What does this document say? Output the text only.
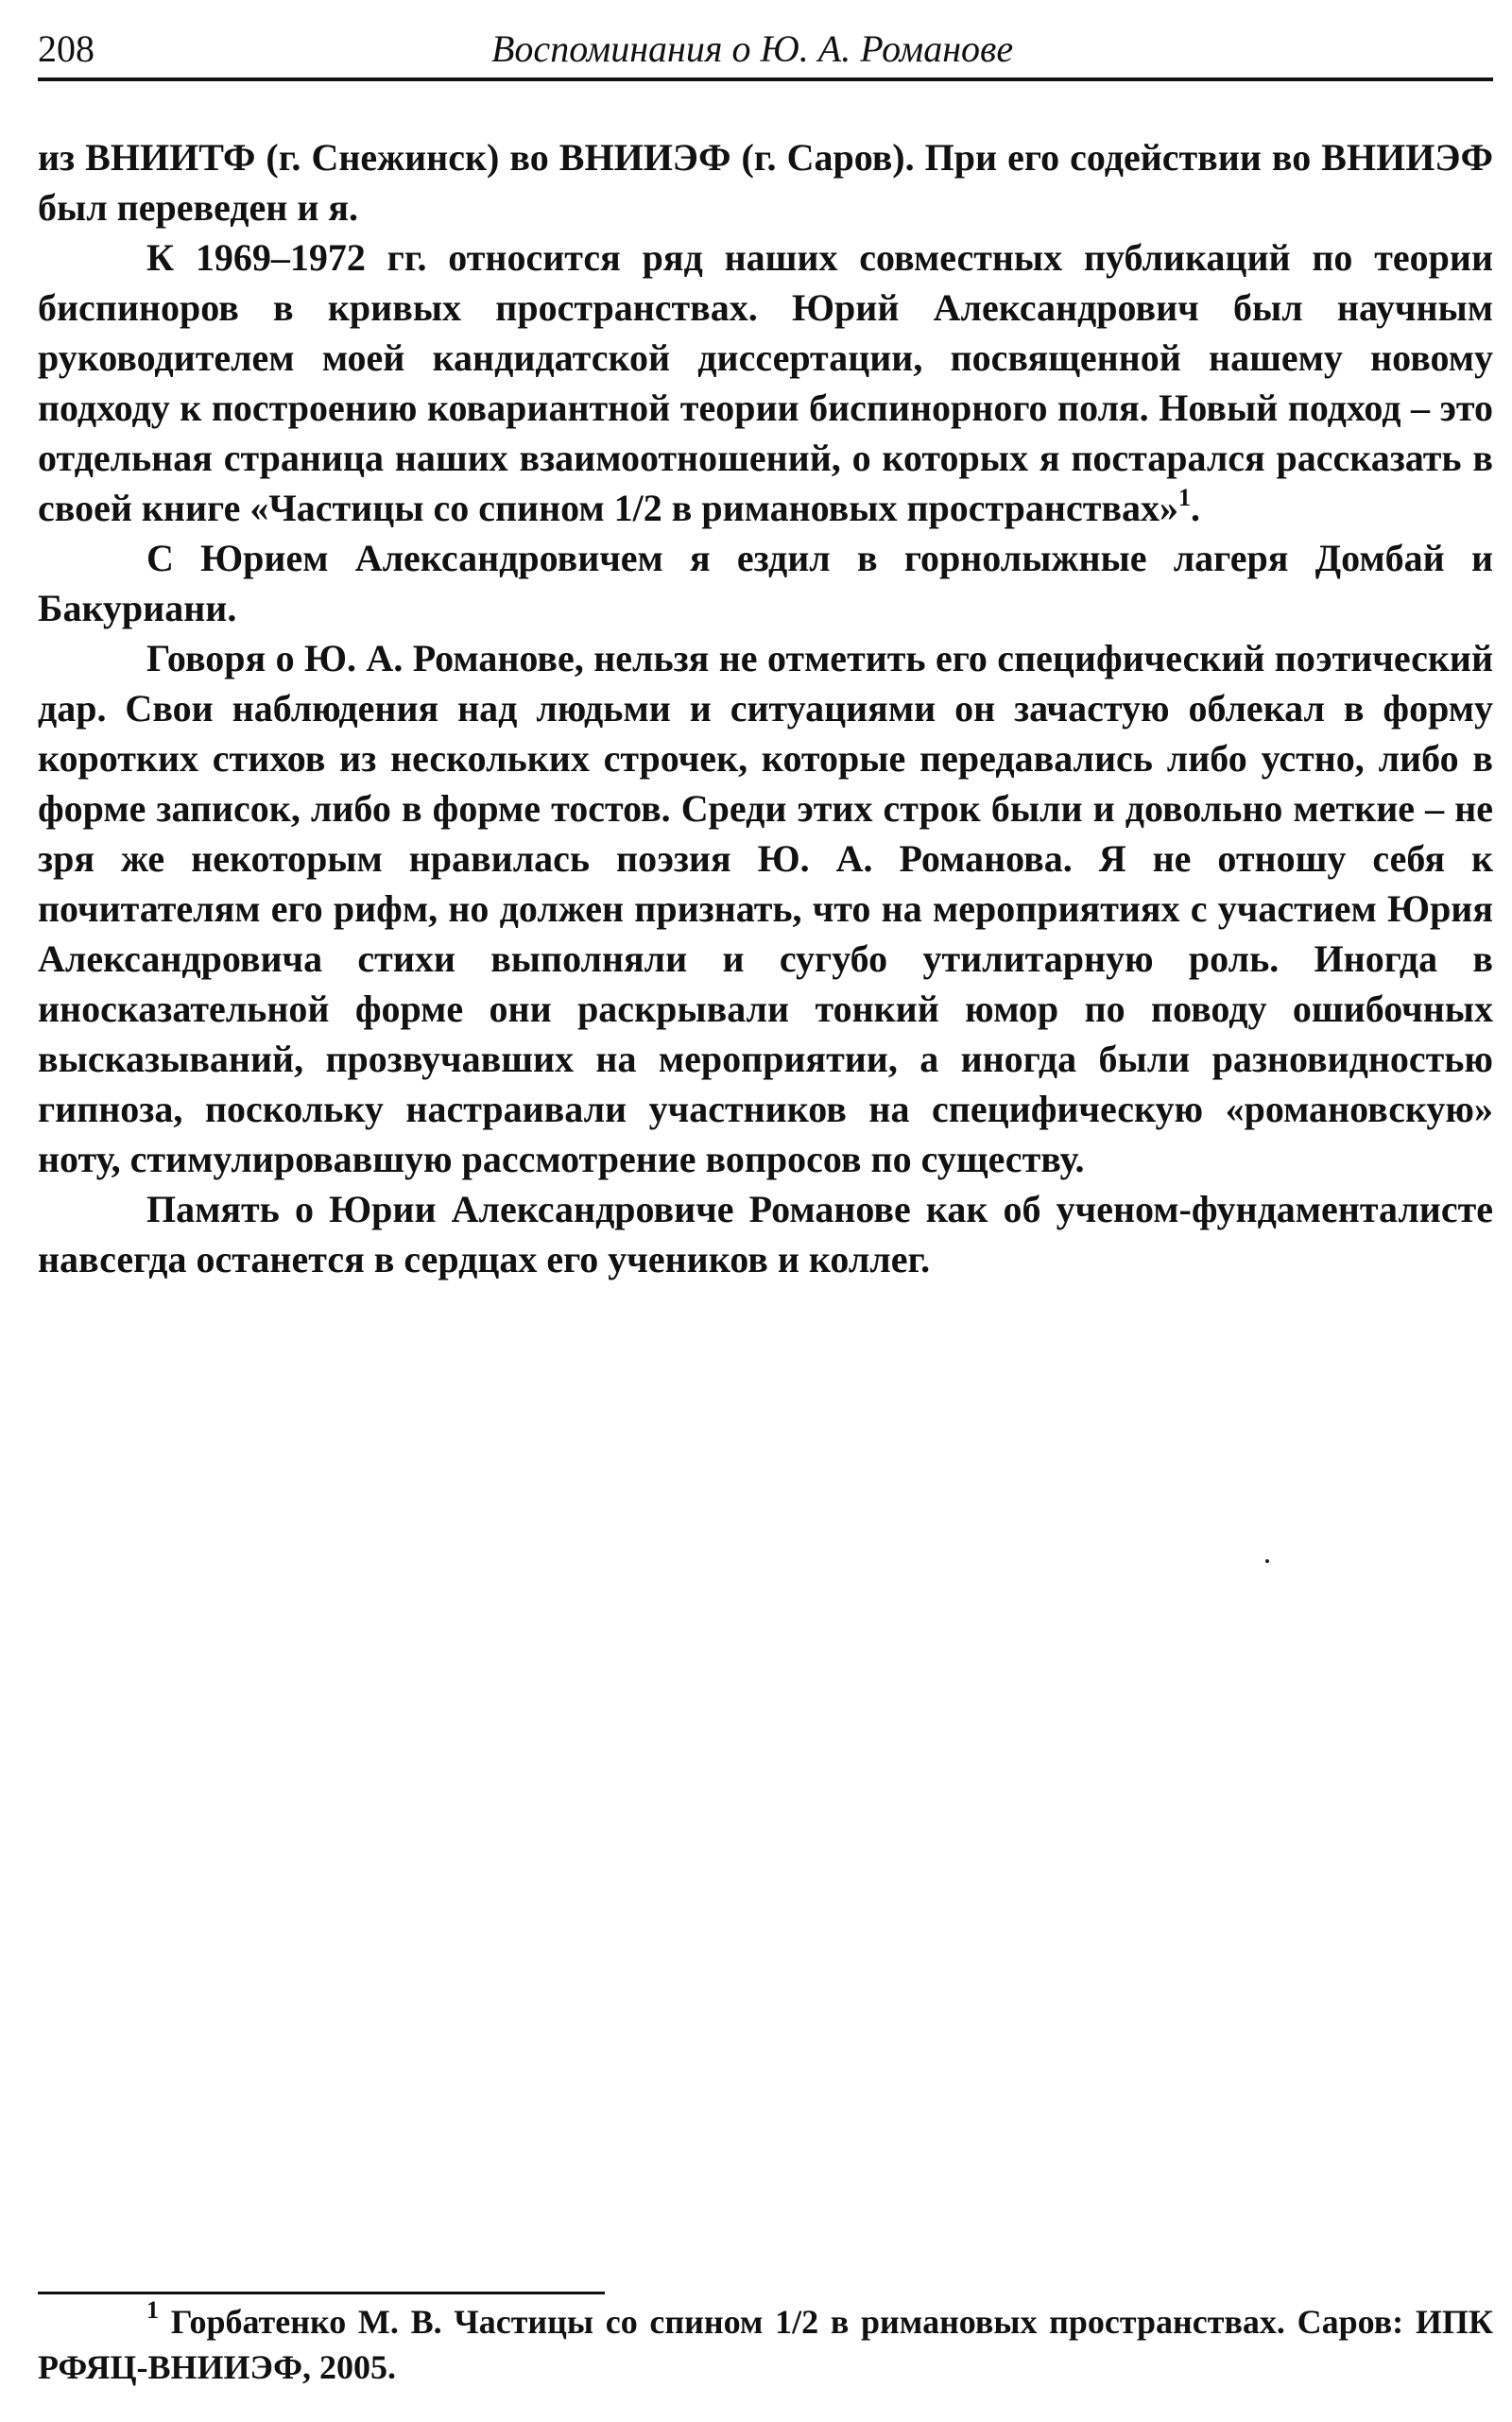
208	Воспоминания о Ю. А. Романове

из ВНИИТФ (г. Снежинск) во ВНИИЭФ (г. Саров). При его содействии во ВНИИЭФ был переведен и я.

К 1969–1972 гг. относится ряд наших совместных публикаций по теории биспиноров в кривых пространствах. Юрий Александрович был научным руководителем моей кандидатской диссертации, посвященной нашему новому подходу к построению ковариантной теории биспинорного поля. Новый подход – это отдельная страница наших взаимоотношений, о которых я постарался рассказать в своей книге «Частицы со спином 1/2 в римановых пространствах»$^1$.

С Юрием Александровичем я ездил в горнолыжные лагеря Домбай и Бакуриани.

Говоря о Ю. А. Романове, нельзя не отметить его специфический поэтический дар. Свои наблюдения над людьми и ситуациями он зачастую облекал в форму коротких стихов из нескольких строчек, которые передавались либо устно, либо в форме записок, либо в форме тостов. Среди этих строк были и довольно меткие – не зря же некоторым нравилась поэзия Ю. А. Романова. Я не отношу себя к почитателям его рифм, но должен признать, что на мероприятиях с участием Юрия Александровича стихи выполняли и сугубо утилитарную роль. Иногда в иносказательной форме они раскрывали тонкий юмор по поводу ошибочных высказываний, прозвучавших на мероприятии, а иногда были разновидностью гипноза, поскольку настраивали участников на специфическую «романовскую» ноту, стимулировавшую рассмотрение вопросов по существу.

Память о Юрии Александровиче Романове как об ученом-фундаменталисте навсегда останется в сердцах его учеников и коллег.

$^1$ Горбатенко М. В. Частицы со спином 1/2 в римановых пространствах. Саров: ИПК РФЯЦ-ВНИИЭФ, 2005.
